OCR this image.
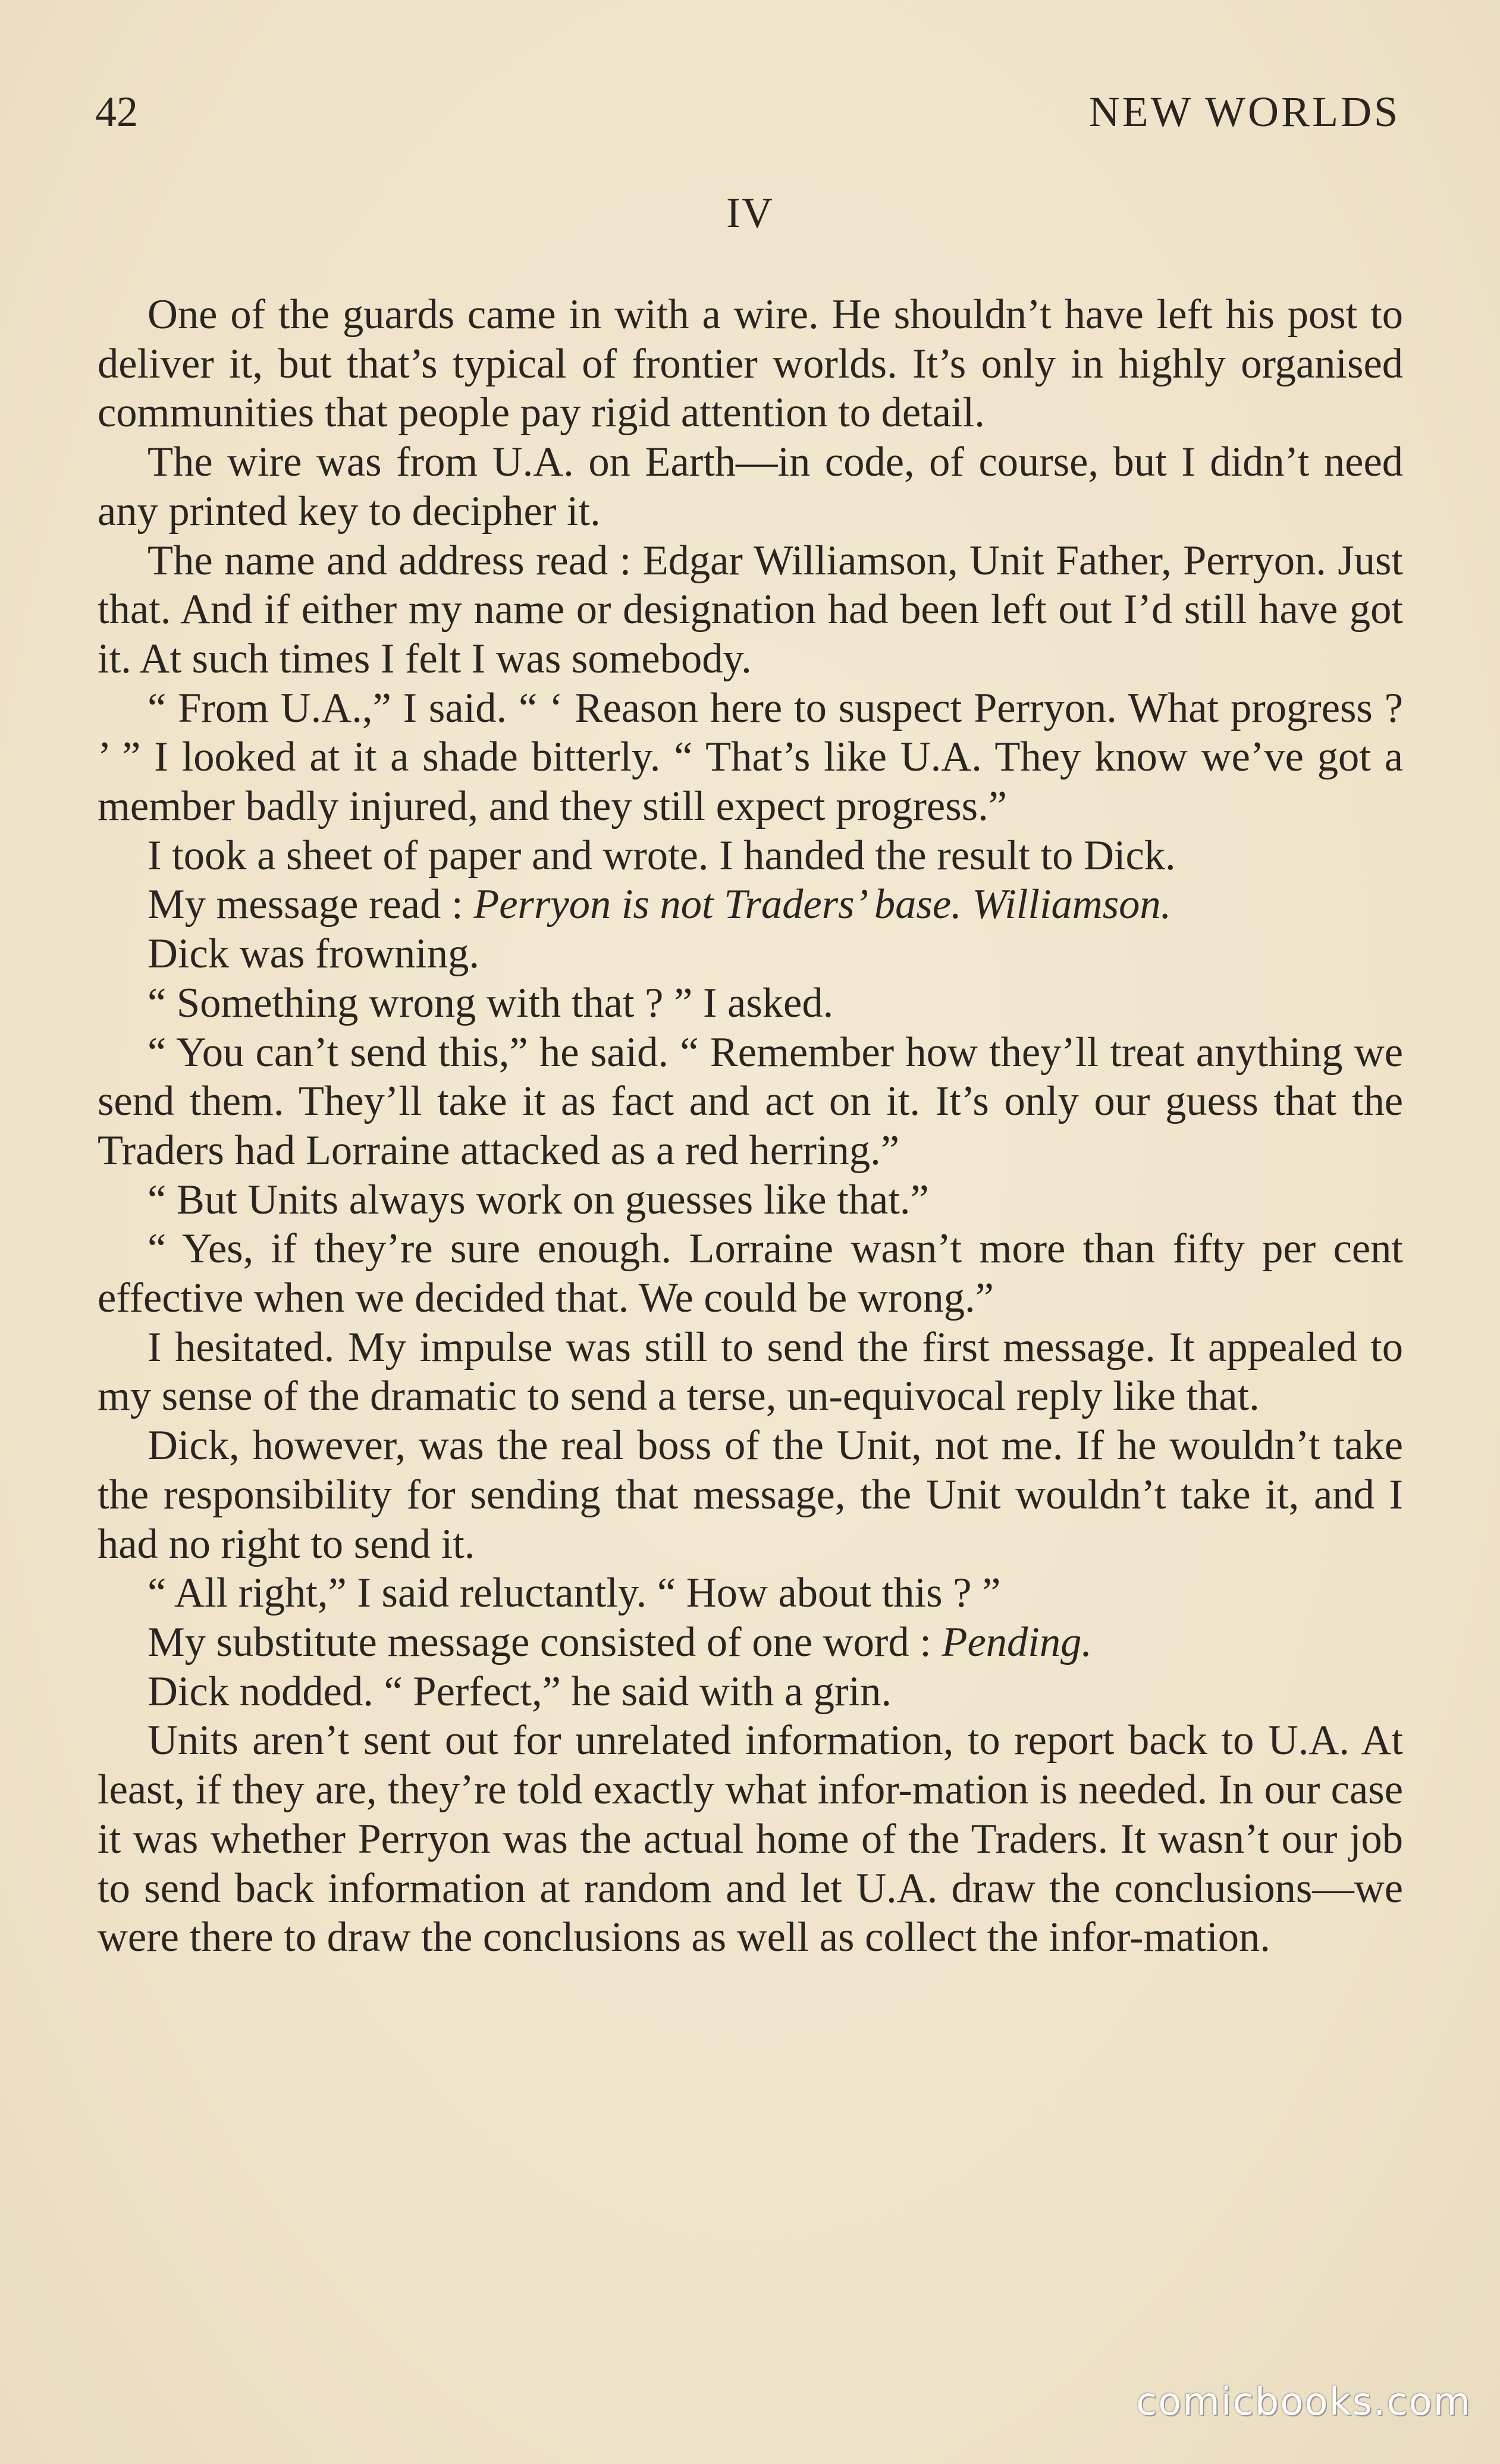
42	NEW WORLDS
IV

One of the guards came in with a wire. He shouldn’t have left his post to deliver it, but that’s typical of frontier worlds. It’s only in highly organised communities that people pay rigid attention to detail.

The wire was from U.A. on Earth—in code, of course, but I didn’t need any printed key to decipher it.

The name and address read : Edgar Williamson, Unit Father, Perryon. Just that. And if either my name or designation had been left out I’d still have got it. At such times I felt I was somebody.

“ From U.A.,” I said. “ ‘ Reason here to suspect Perryon. What progress ? ’ ” I looked at it a shade bitterly. “ That’s like U.A. They know we’ve got a member badly injured, and they still expect progress.”

I took a sheet of paper and wrote. I handed the result to Dick.

My message read : Perryon is not Traders’ base. Williamson.

Dick was frowning.

“ Something wrong with that ? ” I asked.

“ You can’t send this,” he said. “ Remember how they’ll treat anything we send them. They’ll take it as fact and act on it. It’s only our guess that the Traders had Lorraine attacked as a red herring.”

“ But Units always work on guesses like that.”

“ Yes, if they’re sure enough. Lorraine wasn’t more than fifty per cent effective when we decided that. We could be wrong.”

I hesitated. My impulse was still to send the first message. It appealed to my sense of the dramatic to send a terse, un-equivocal reply like that.

Dick, however, was the real boss of the Unit, not me. If he wouldn’t take the responsibility for sending that message, the Unit wouldn’t take it, and I had no right to send it.

“ All right,” I said reluctantly. “ How about this ? ”

My substitute message consisted of one word : Pending.

Dick nodded. “ Perfect,” he said with a grin.

Units aren’t sent out for unrelated information, to report back to U.A. At least, if they are, they’re told exactly what infor-mation is needed. In our case it was whether Perryon was the actual home of the Traders. It wasn’t our job to send back information at random and let U.A. draw the conclusions—we were there to draw the conclusions as well as collect the infor-mation.

comicbooks.com
